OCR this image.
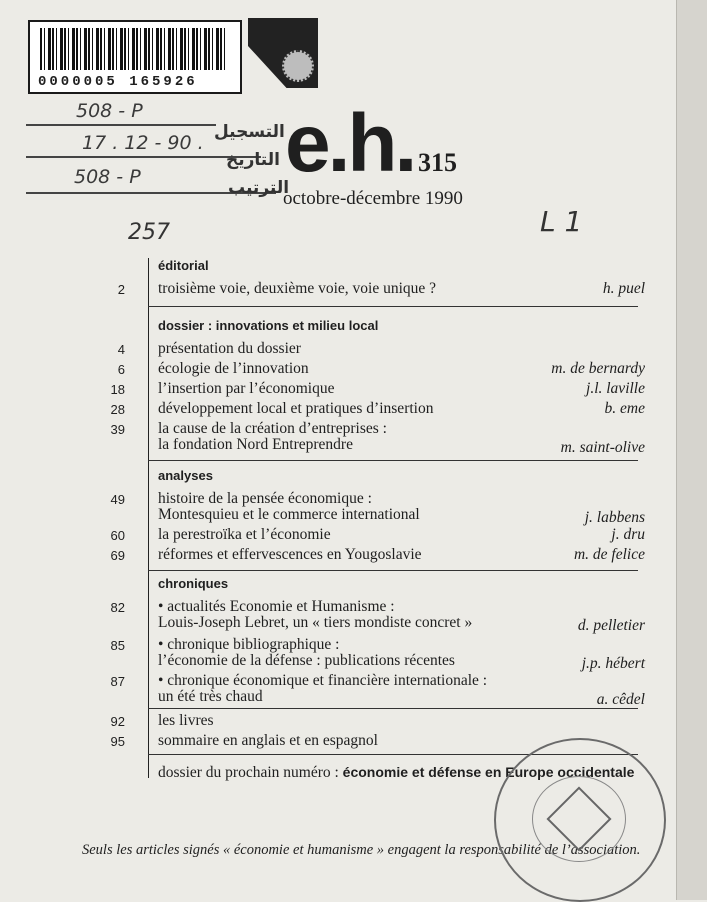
0000005 165926
508 - P
17 . 12 - 90 .
508 - P
التسجيل
التاريخ
الترتيب
e.h. 315
octobre-décembre 1990
257	L 1
éditorial
2 troisième voie, deuxième voie, voie unique ?	h. puel
dossier : innovations et milieu local
4 présentation du dossier
6 écologie de l’innovation	m. de bernardy
18 l’insertion par l’économique	j.l. laville
28 développement local et pratiques d’insertion	b. eme
39 la cause de la création d’entreprises :
la fondation Nord Entreprendre	m. saint-olive
analyses
49 histoire de la pensée économique :
Montesquieu et le commerce international	j. labbens
60 la perestroïka et l’économie	j. dru
69 réformes et effervescences en Yougoslavie	m. de felice
chroniques
82 • actualités Economie et Humanisme :
Louis-Joseph Lebret, un « tiers mondiste concret »	d. pelletier
85 • chronique bibliographique :
l’économie de la défense : publications récentes	j.p. hébert
87 • chronique économique et financière internationale :
un été très chaud	a. cêdel
92 les livres
95 sommaire en anglais et en espagnol
dossier du prochain numéro : économie et défense en Europe occidentale
Seuls les articles signés « économie et humanisme » engagent la responsabilité de l’association.
